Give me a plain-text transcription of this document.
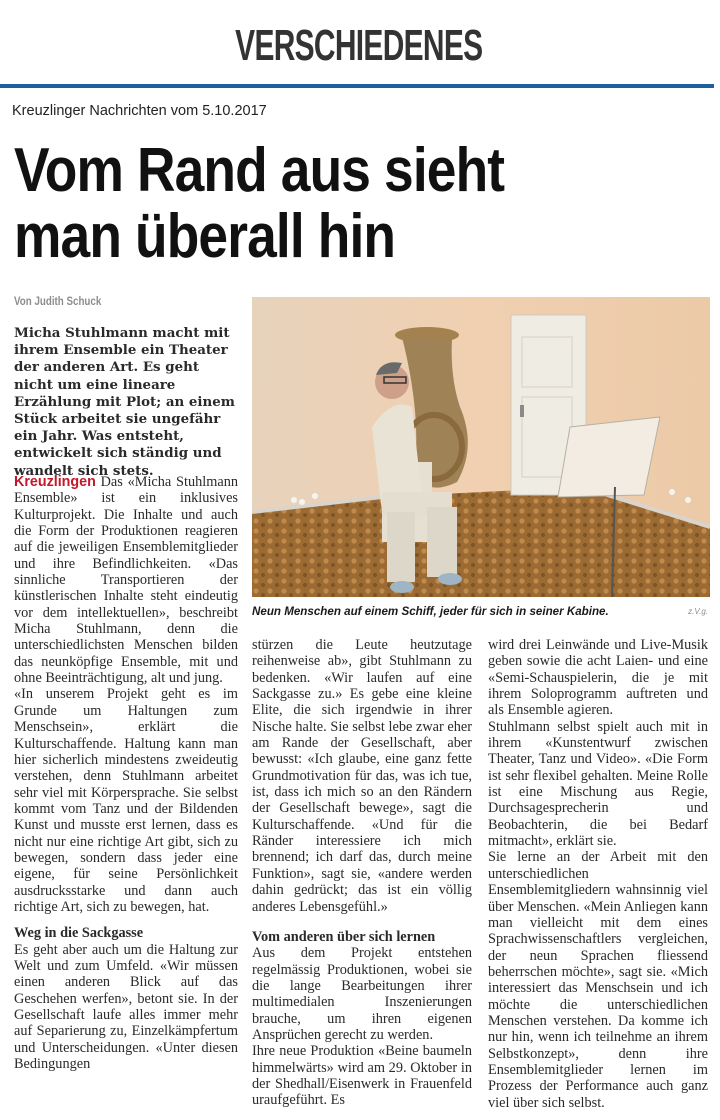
VERSCHIEDENES
Kreuzlinger Nachrichten vom 5.10.2017
Vom Rand aus sieht
man überall hin
Von Judith Schuck
Micha Stuhlmann macht mit ihrem Ensemble ein Theater der anderen Art. Es geht nicht um eine lineare Erzählung mit Plot; an einem Stück arbeitet sie ungefähr ein Jahr. Was entsteht, entwickelt sich ständig und wandelt sich stets.
Neun Menschen auf einem Schiff, jeder für sich in seiner Kabine.	z.V.g.

Kreuzlingen Das «Micha Stuhlmann Ensemble» ist ein inklusives Kulturprojekt. Die Inhalte und auch die Form der Produktionen reagieren auf die jeweiligen Ensemblemitglieder und ihre Befindlichkeiten. «Das sinnliche Transportieren der künstlerischen Inhalte steht eindeutig vor dem intellektuellen», beschreibt Micha Stuhlmann, denn die unterschiedlichsten Menschen bilden das neunköpfige Ensemble, mit und ohne Beeinträchtigung, alt und jung.

«In unserem Projekt geht es im Grunde um Haltungen zum Menschsein», erklärt die Kulturschaffende. Haltung kann man hier sicherlich mindestens zweideutig verstehen, denn Stuhlmann arbeitet sehr viel mit Körpersprache. Sie selbst kommt vom Tanz und der Bildenden Kunst und musste erst lernen, dass es nicht nur eine richtige Art gibt, sich zu bewegen, sondern dass jeder eine eigene, für seine Persönlichkeit ausdrucksstarke und dann auch richtige Art, sich zu bewegen, hat.

Weg in die Sackgasse

Es geht aber auch um die Haltung zur Welt und zum Umfeld. «Wir müssen einen anderen Blick auf das Geschehen werfen», betont sie. In der Gesellschaft laufe alles immer mehr auf Separierung zu, Einzelkämpfertum und Unterscheidungen. «Unter diesen Bedingungen

stürzen die Leute heutzutage reihenweise ab», gibt Stuhlmann zu bedenken. «Wir laufen auf eine Sackgasse zu.» Es gebe eine kleine Elite, die sich irgendwie in ihrer Nische halte. Sie selbst lebe zwar eher am Rande der Gesellschaft, aber bewusst: «Ich glaube, eine ganz fette Grundmotivation für das, was ich tue, ist, dass ich mich so an den Rändern der Gesellschaft bewege», sagt die Kulturschaffende. «Und für die Ränder interessiere ich mich brennend; ich darf das, durch meine Funktion», sagt sie, «andere werden dahin gedrückt; das ist ein völlig anderes Lebensgefühl.»

Vom anderen über sich lernen

Aus dem Projekt entstehen regelmässig Produktionen, wobei sie die lange Bearbeitungen ihrer multimedialen Inszenierungen brauche, um ihren eigenen Ansprüchen gerecht zu werden.

Ihre neue Produktion «Beine baumeln himmelwärts» wird am 29. Oktober in der Shedhall/Eisenwerk in Frauenfeld uraufgeführt. Es

wird drei Leinwände und Live-Musik geben sowie die acht Laien- und eine «Semi-Schauspielerin, die je mit ihrem Soloprogramm auftreten und als Ensemble agieren.

Stuhlmann selbst spielt auch mit in ihrem «Kunstentwurf zwischen Theater, Tanz und Video». «Die Form ist sehr flexibel gehalten. Meine Rolle ist eine Mischung aus Regie, Durchsagesprecherin und Beobachterin, die bei Bedarf mitmacht», erklärt sie.

Sie lerne an der Arbeit mit den unterschiedlichen Ensemblemitgliedern wahnsinnig viel über Menschen. «Mein Anliegen kann man vielleicht mit dem eines Sprachwissenschaftlers vergleichen, der neun Sprachen fliessend beherrschen möchte», sagt sie. «Mich interessiert das Menschsein und ich möchte die unterschiedlichen Menschen verstehen. Da komme ich nur hin, wenn ich teilnehme an ihrem Selbstkonzept», denn ihre Ensemblemitglieder lernen im Prozess der Performance auch ganz viel über sich selbst.
